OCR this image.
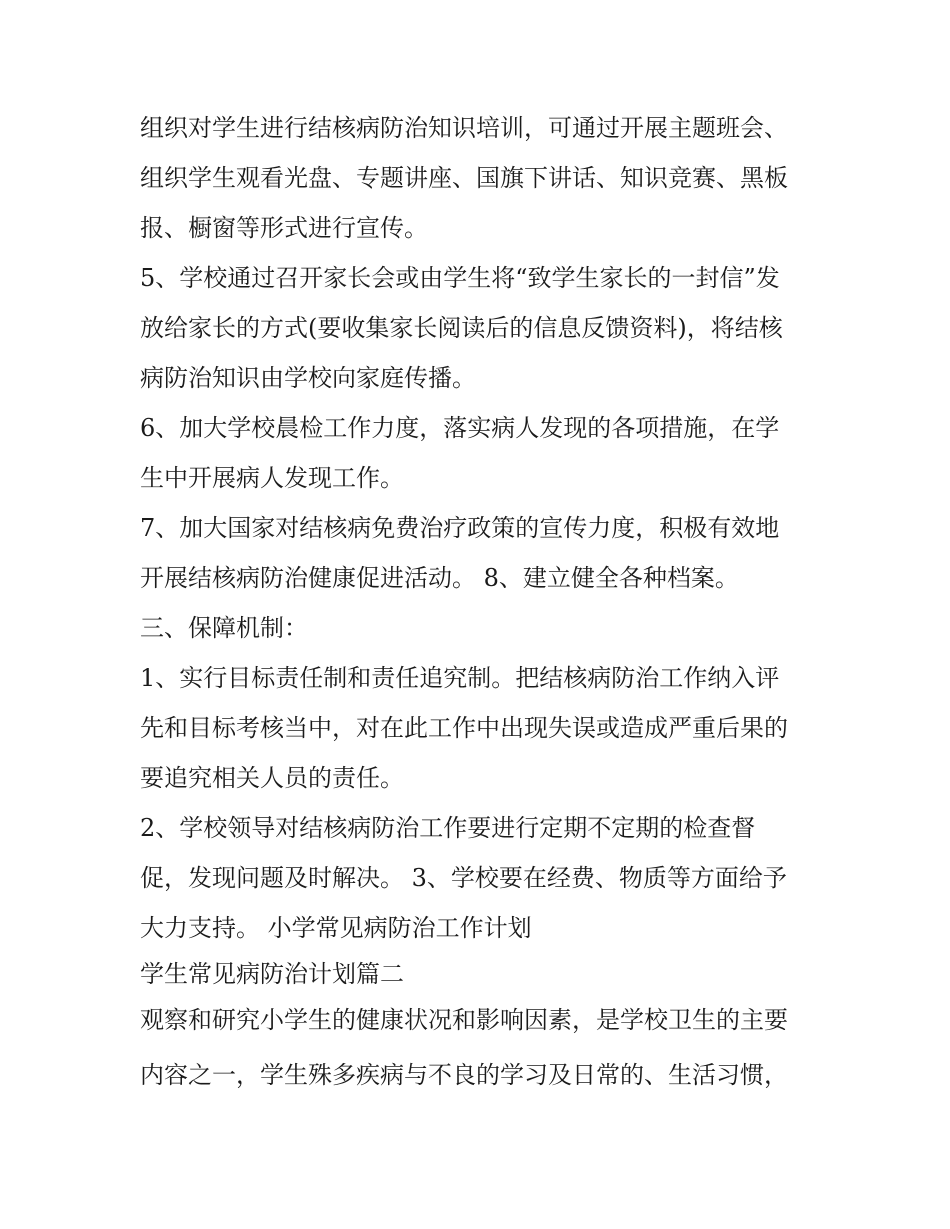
组织对学生进行结核病防治知识培训，可通过开展主题班会、
组织学生观看光盘、专题讲座、国旗下讲话、知识竞赛、黑板
报、橱窗等形式进行宣传。
5、学校通过召开家长会或由学生将“致学生家长的一封信”发
放给家长的方式(要收集家长阅读后的信息反馈资料)，将结核
病防治知识由学校向家庭传播。
6、加大学校晨检工作力度，落实病人发现的各项措施，在学
生中开展病人发现工作。
7、加大国家对结核病免费治疗政策的宣传力度，积极有效地
开展结核病防治健康促进活动。 8、建立健全各种档案。
三、保障机制：
1、实行目标责任制和责任追究制。把结核病防治工作纳入评
先和目标考核当中，对在此工作中出现失误或造成严重后果的
要追究相关人员的责任。
2、学校领导对结核病防治工作要进行定期不定期的检查督
促，发现问题及时解决。 3、学校要在经费、物质等方面给予
大力支持。 小学常见病防治工作计划
学生常见病防治计划篇二
观察和研究小学生的健康状况和影响因素，是学校卫生的主要
内容之一，学生殊多疾病与不良的学习及日常的、生活习惯，
